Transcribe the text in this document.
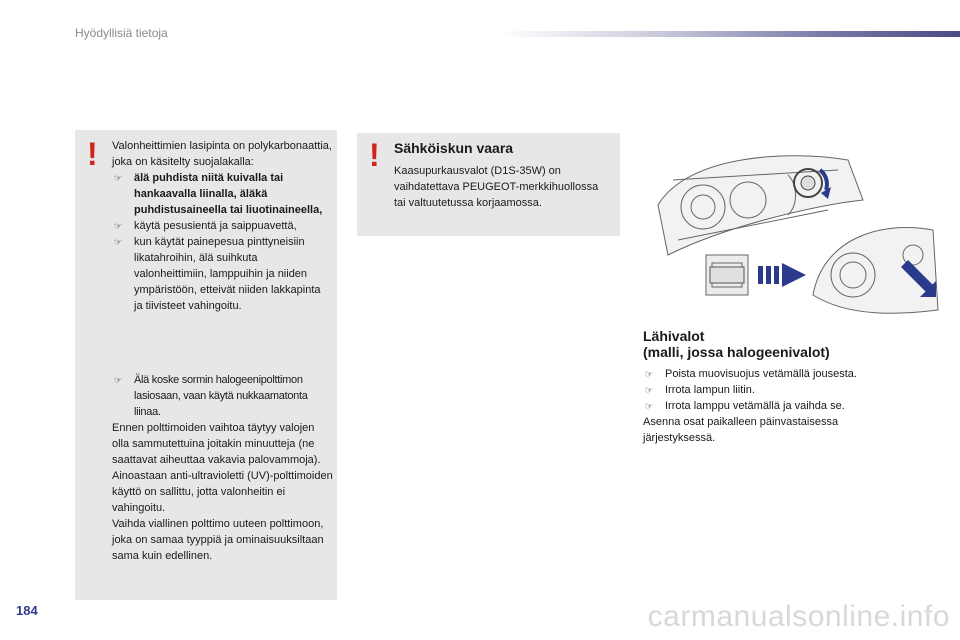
Hyödyllisiä tietoja
! Valonheittimien lasipinta on polykarbonaattia, joka on käsitelty suojalakalla:
☞ älä puhdista niitä kuivalla tai hankaavalla liinalla, äläkä puhdistusaineella tai liuotinaineella,
☞ käytä pesusientä ja saippuavettä,
☞ kun käytät painepesua pinttyneisiin likatahroihin, älä suihkuta valonheittimiin, lamppuihin ja niiden ympäristöön, etteivät niiden lakkapinta ja tiivisteet vahingoitu.
☞ Älä koske sormin halogeenipolttimon lasiosaan, vaan käytä nukkaamatonta liinaa.
Ennen polttimoiden vaihtoa täytyy valojen olla sammutettuina joitakin minuutteja (ne saattavat aiheuttaa vakavia palovammoja).
Ainoastaan anti-ultravioletti (UV)-polttimoiden käyttö on sallittu, jotta valonheitin ei vahingoitu.
Vaihda viallinen polttimo uuteen polttimoon, joka on samaa tyyppiä ja ominaisuuksiltaan sama kuin edellinen.
! Sähköiskun vaara
Kaasupurkausvalot (D1S-35W) on vaihdatettava PEUGEOT-merkkihuollossa tai valtuutetussa korjaamossa.
Lähivalot
(malli, jossa halogeenivalot)
☞ Poista muovisuojus vetämällä jousesta.
☞ Irrota lampun liitin.
☞ Irrota lamppu vetämällä ja vaihda se.
Asenna osat paikalleen päinvastaisessa järjestyksessä.
184	carmanualsonline.info
